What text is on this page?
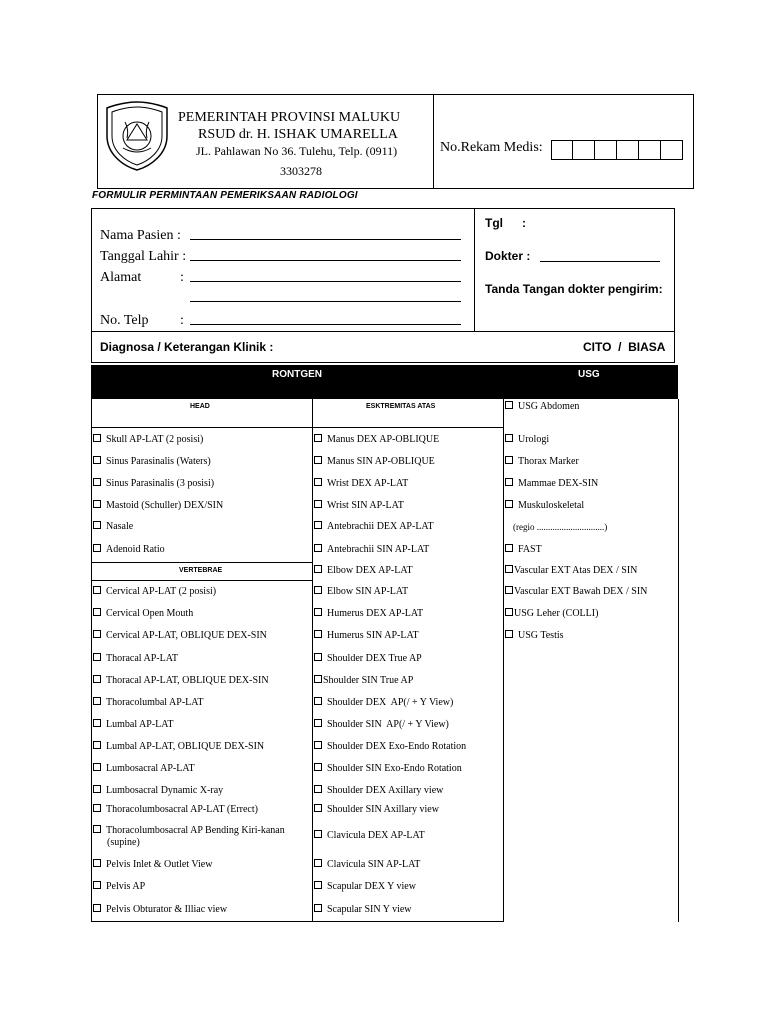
PEMERINTAH PROVINSI MALUKU
RSUD dr. H. ISHAK UMARELLA
JL. Pahlawan No 36. Tulehu, Telp. (0911)
3303278
No.Rekam Medis:
FORMULIR PERMINTAAN PEMERIKSAAN RADIOLOGI
Nama Pasien :
Tanggal Lahir :
Alamat	:
No. Telp :
Tgl :
Dokter :
Tanda Tangan dokter pengirim:
Diagnosa / Keterangan Klinik :	CITO  /  BIASA
RONTGEN	USG
HEAD	ESKTREMITAS ATAS
VERTEBRAE
Skull AP-LAT (2 posisi)
Sinus Parasinalis (Waters)
Sinus Parasinalis (3 posisi)
Mastoid (Schuller) DEX/SIN
Nasale
Adenoid Ratio
Cervical AP-LAT (2 posisi)
Cervical Open Mouth
Cervical AP-LAT, OBLIQUE DEX-SIN
Thoracal AP-LAT
Thoracal AP-LAT, OBLIQUE DEX-SIN
Thoracolumbal AP-LAT
Lumbal AP-LAT
Lumbal AP-LAT, OBLIQUE DEX-SIN
Lumbosacral AP-LAT
Lumbosacral Dynamic X-ray
Thoracolumbosacral AP-LAT (Errect)
Thoracolumbosacral AP Bending Kiri-kanan
(supine)
Pelvis Inlet & Outlet View
Pelvis AP
Pelvis Obturator & Illiac view
Manus DEX AP-OBLIQUE
Manus SIN AP-OBLIQUE
Wrist DEX AP-LAT
Wrist SIN AP-LAT
Antebrachii DEX AP-LAT
Antebrachii SIN AP-LAT
Elbow DEX AP-LAT
Elbow SIN AP-LAT
Humerus DEX AP-LAT
Humerus SIN AP-LAT
Shoulder DEX True AP
Shoulder SIN True AP
Shoulder DEX  AP(/ + Y View)
Shoulder SIN  AP(/ + Y View)
Shoulder DEX Exo-Endo Rotation
Shoulder SIN Exo-Endo Rotation
Shoulder DEX Axillary view
Shoulder SIN Axillary view
Clavicula DEX AP-LAT
Clavicula SIN AP-LAT
Scapular DEX Y view
Scapular SIN Y view
USG Abdomen
Urologi
Thorax Marker
Mammae DEX-SIN
Muskuloskeletal
(regio ..............................)
FAST
Vascular EXT Atas DEX / SIN
Vascular EXT Bawah DEX / SIN
USG Leher (COLLI)
USG Testis
